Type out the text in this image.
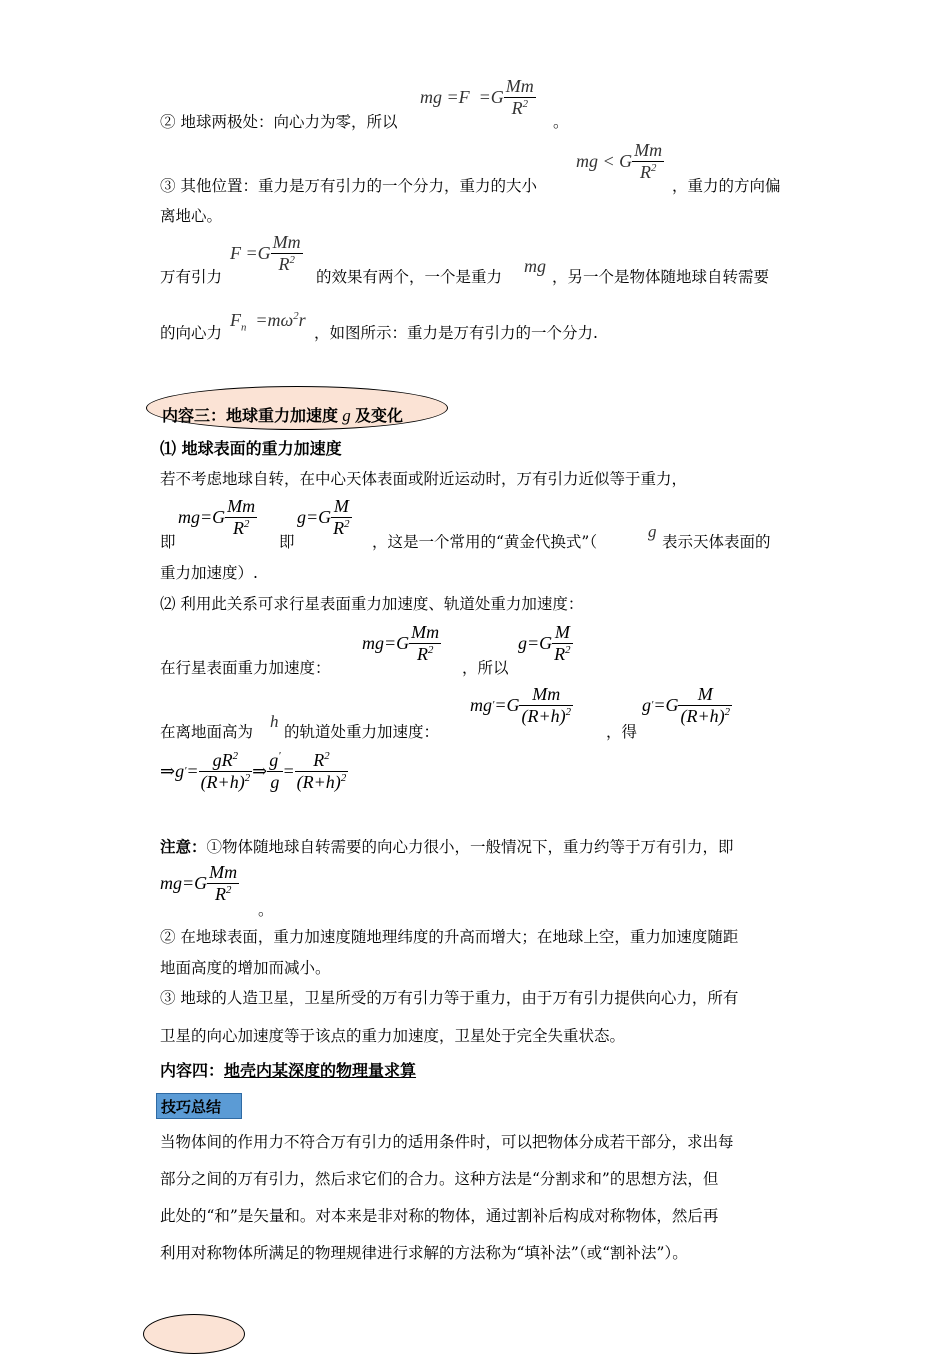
② 地球两极处：向心力为零，所以
mg $=F =G \frac{Mm}{R^2}$
。
③ 其他位置：重力是万有引力的一个分力，重力的大小
mg < G $\frac{Mm}{R^2}$
，重力的方向偏
离地心。
万有引力
$F =G \frac{Mm}{R^2}$
的效果有两个，一个是重力
mg
，另一个是物体随地球自转需要
的向心力
$F_n =m\omega^2r$
，如图所示：重力是万有引力的一个分力.
内容三：地球重力加速度 g 及变化
⑴ 地球表面的重力加速度
若不考虑地球自转，在中心天体表面或附近运动时，万有引力近似等于重力，
即
$mg=G \frac{Mm}{R^2}$
即
$g=G \frac{M}{R^2}$
，这是一个常用的“黄金代换式”（
g
表示天体表面的
重力加速度）.
⑵ 利用此关系可求行星表面重力加速度、轨道处重力加速度：
在行星表面重力加速度：
$mg=G \frac{Mm}{R^2}$
，所以
$g=G \frac{M}{R^2}$
在离地面高为
h
的轨道处重力加速度：
mg ' $=G \frac{Mm}{(R+h)^2}$
，得
g ' $=G \frac{M}{(R+h)^2}$
⇒g ' = $\frac{gR^2}{(R+h)^2}$ ⇒ $\frac{g'}{g} = \frac{R^2}{(R+h)^2}$
注意：①物体随地球自转需要的向心力很小，一般情况下，重力约等于万有引力，即
$mg=G \frac{Mm}{R^2}$
。
② 在地球表面，重力加速度随地理纬度的升高而增大；在地球上空，重力加速度随距
地面高度的增加而减小。
③ 地球的人造卫星，卫星所受的万有引力等于重力，由于万有引力提供向心力，所有
卫星的向心加速度等于该点的重力加速度，卫星处于完全失重状态。
内容四：地壳内某深度的物理量求算
技巧总结
当物体间的作用力不符合万有引力的适用条件时，可以把物体分成若干部分，求出每
部分之间的万有引力，然后求它们的合力。这种方法是“分割求和”的思想方法，但
此处的“和”是矢量和。对本来是非对称的物体，通过割补后构成对称物体，然后再
利用对称物体所满足的物理规律进行求解的方法称为“填补法”（或“割补法”）。
